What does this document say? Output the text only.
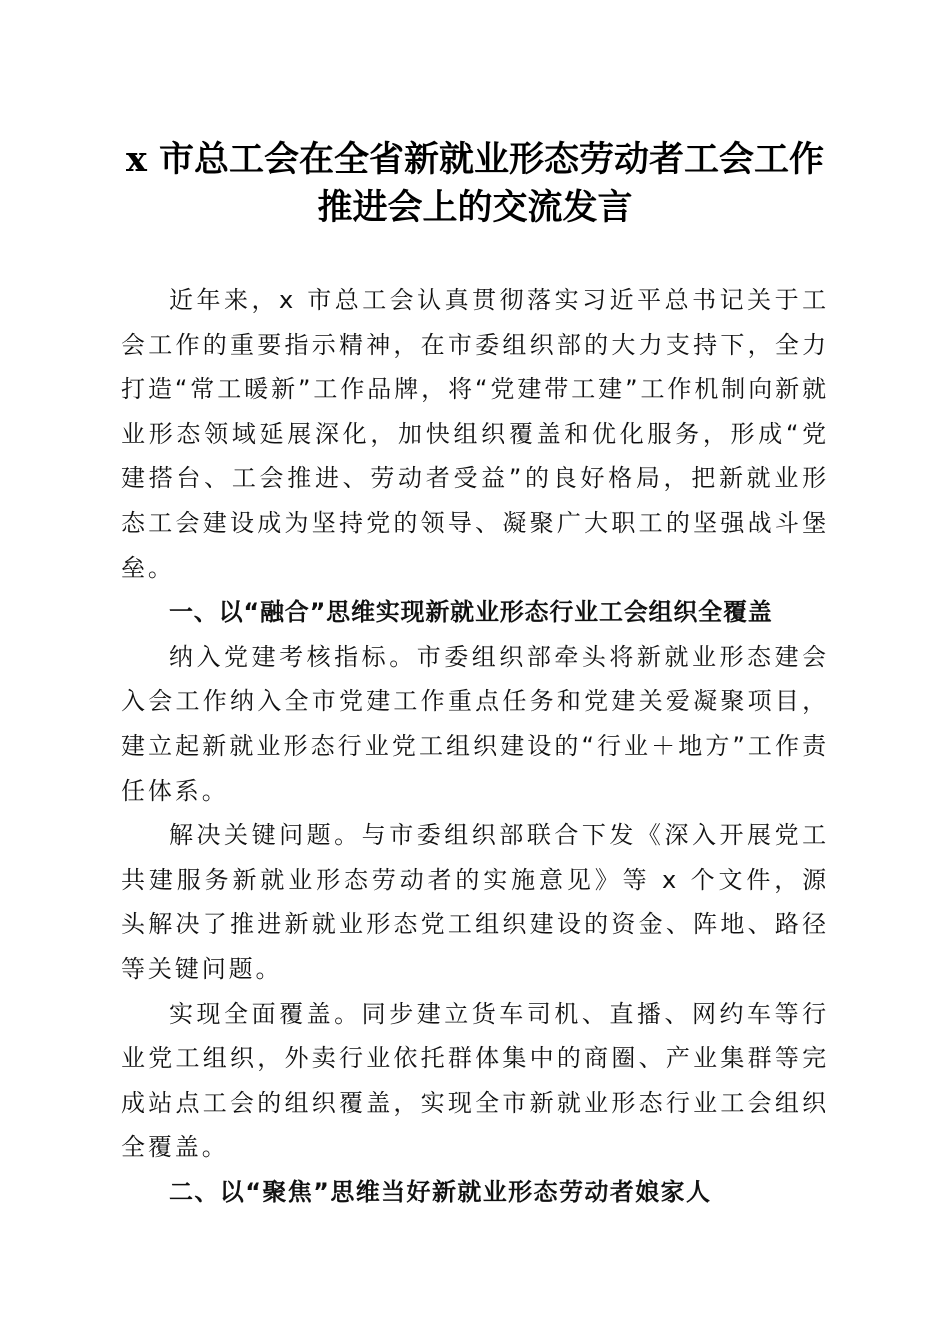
x 市总工会在全省新就业形态劳动者工会工作
推进会上的交流发言

近年来，x 市总工会认真贯彻落实习近平总书记关于工会工作的重要指示精神，在市委组织部的大力支持下，全力打造“常工暖新”工作品牌，将“党建带工建”工作机制向新就业形态领域延展深化，加快组织覆盖和优化服务，形成“党建搭台、工会推进、劳动者受益”的良好格局，把新就业形态工会建设成为坚持党的领导、凝聚广大职工的坚强战斗堡垒。

一、以“融合”思维实现新就业形态行业工会组织全覆盖

纳入党建考核指标。市委组织部牵头将新就业形态建会入会工作纳入全市党建工作重点任务和党建关爱凝聚项目，建立起新就业形态行业党工组织建设的“行业＋地方”工作责任体系。

解决关键问题。与市委组织部联合下发《深入开展党工共建服务新就业形态劳动者的实施意见》等 x 个文件，源头解决了推进新就业形态党工组织建设的资金、阵地、路径等关键问题。

实现全面覆盖。同步建立货车司机、直播、网约车等行业党工组织，外卖行业依托群体集中的商圈、产业集群等完成站点工会的组织覆盖，实现全市新就业形态行业工会组织全覆盖。

二、以“聚焦”思维当好新就业形态劳动者娘家人
